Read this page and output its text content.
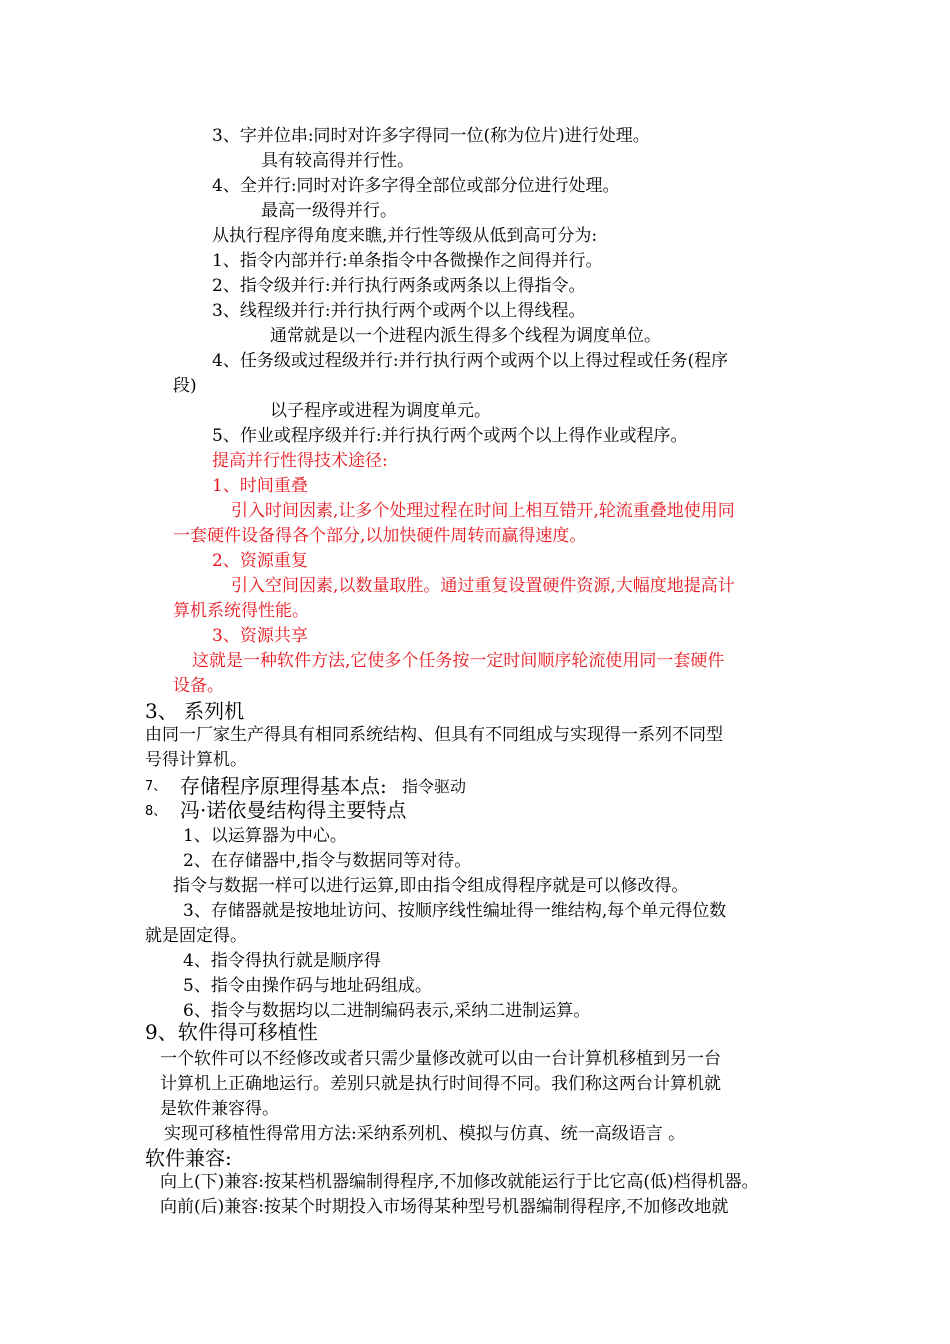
3、字并位串:同时对许多字得同一位(称为位片)进行处理。
具有较高得并行性。
4、全并行:同时对许多字得全部位或部分位进行处理。
最高一级得并行。
从执行程序得角度来瞧,并行性等级从低到高可分为:
1、指令内部并行:单条指令中各微操作之间得并行。
2、指令级并行:并行执行两条或两条以上得指令。
3、线程级并行:并行执行两个或两个以上得线程。
通常就是以一个进程内派生得多个线程为调度单位。
4、任务级或过程级并行:并行执行两个或两个以上得过程或任务(程序
段)
以子程序或进程为调度单元。
5、作业或程序级并行:并行执行两个或两个以上得作业或程序。
提高并行性得技术途径:
1、时间重叠
引入时间因素,让多个处理过程在时间上相互错开,轮流重叠地使用同
一套硬件设备得各个部分,以加快硬件周转而赢得速度。
2、资源重复
引入空间因素,以数量取胜。通过重复设置硬件资源,大幅度地提高计
算机系统得性能。
3、资源共享
这就是一种软件方法,它使多个任务按一定时间顺序轮流使用同一套硬件
设备。
3、 系列机
由同一厂家生产得具有相同系统结构、但具有不同组成与实现得一系列不同型
号得计算机。
7、 存储程序原理得基本点: 指令驱动
8、 冯·诺依曼结构得主要特点
1、以运算器为中心。
2、在存储器中,指令与数据同等对待。
指令与数据一样可以进行运算,即由指令组成得程序就是可以修改得。
3、存储器就是按地址访问、按顺序线性编址得一维结构,每个单元得位数
就是固定得。
4、指令得执行就是顺序得
5、指令由操作码与地址码组成。
6、指令与数据均以二进制编码表示,采纳二进制运算。
9、软件得可移植性
一个软件可以不经修改或者只需少量修改就可以由一台计算机移植到另一台
计算机上正确地运行。差别只就是执行时间得不同。我们称这两台计算机就
是软件兼容得。
实现可移植性得常用方法:采纳系列机、模拟与仿真、统一高级语言 。
软件兼容:
向上(下)兼容:按某档机器编制得程序,不加修改就能运行于比它高(低)档得机器。
向前(后)兼容:按某个时期投入市场得某种型号机器编制得程序,不加修改地就
